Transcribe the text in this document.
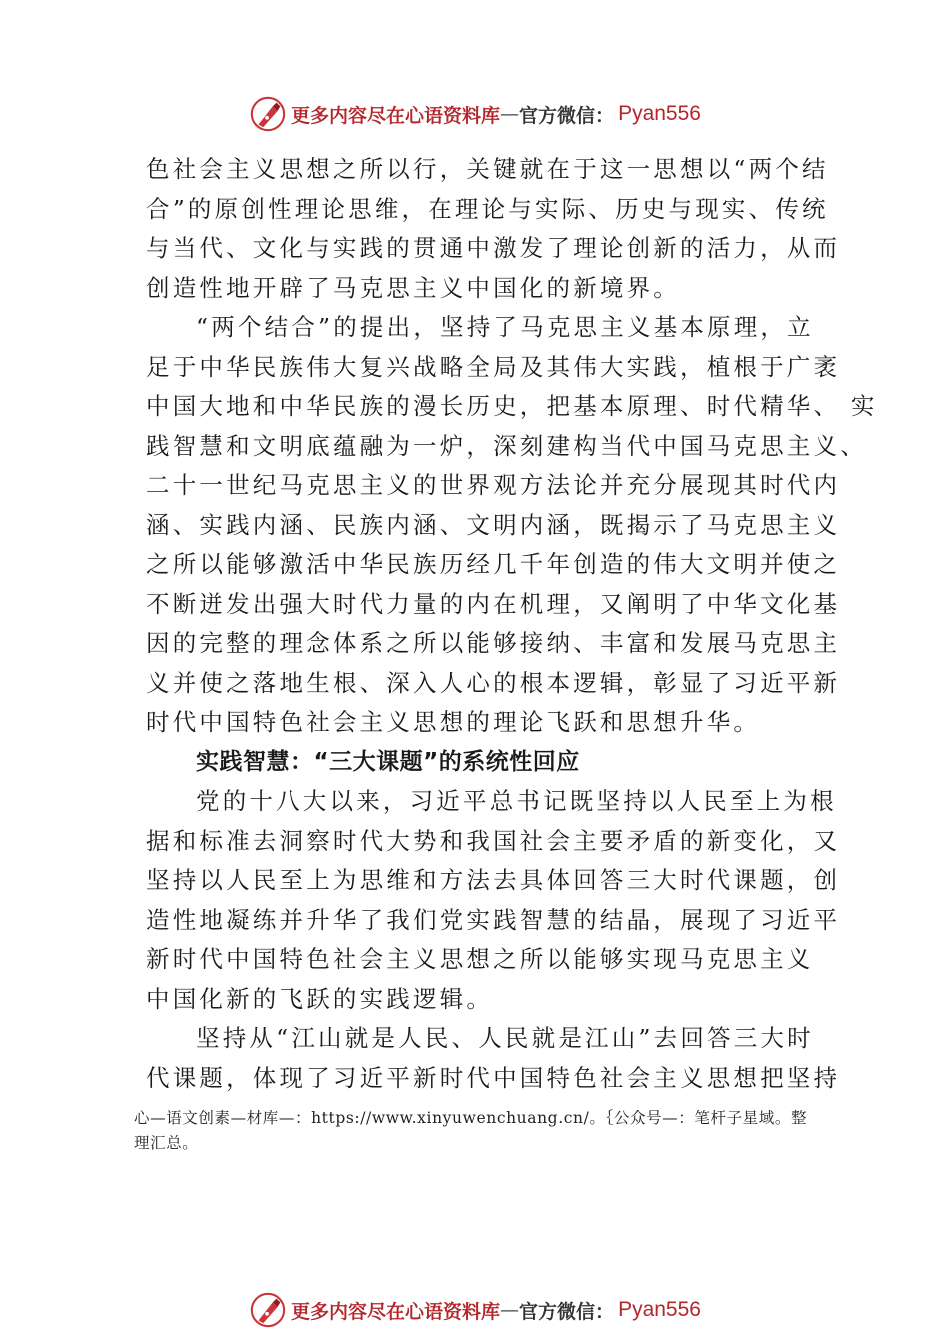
更多内容尽在心语资料库 — 官方微信： Pyan556
色社会主义思想之所以行，关键就在于这一思想以“两个结
合”的原创性理论思维，在理论与实际、历史与现实、传统
与当代、文化与实践的贯通中激发了理论创新的活力，从而
创造性地开辟了马克思主义中国化的新境界。
“两个结合”的提出，坚持了马克思主义基本原理，立
足于中华民族伟大复兴战略全局及其伟大实践，植根于广袤
中国大地和中华民族的漫长历史，把基本原理、时代精华、 实
践智慧和文明底蕴融为一炉，深刻建构当代中国马克思主义、
二十一世纪马克思主义的世界观方法论并充分展现其时代内
涵、实践内涵、民族内涵、文明内涵，既揭示了马克思主义
之所以能够激活中华民族历经几千年创造的伟大文明并使之
不断迸发出强大时代力量的内在机理，又阐明了中华文化基
因的完整的理念体系之所以能够接纳、丰富和发展马克思主
义并使之落地生根、深入人心的根本逻辑，彰显了习近平新
时代中国特色社会主义思想的理论飞跃和思想升华。
实践智慧：“三大课题”的系统性回应
党的十八大以来，习近平总书记既坚持以人民至上为根
据和标准去洞察时代大势和我国社会主要矛盾的新变化，又
坚持以人民至上为思维和方法去具体回答三大时代课题，创
造性地凝练并升华了我们党实践智慧的结晶，展现了习近平
新时代中国特色社会主义思想之所以能够实现马克思主义
中国化新的飞跃的实践逻辑。
坚持从“江山就是人民、人民就是江山”去回答三大时
代课题，体现了习近平新时代中国特色社会主义思想把坚持
心—语文创素—材库—：https://www.xinyuwenchuang.cn/。｛公众号—：笔杆子星域。整
理汇总。
更多内容尽在心语资料库 — 官方微信： Pyan556
